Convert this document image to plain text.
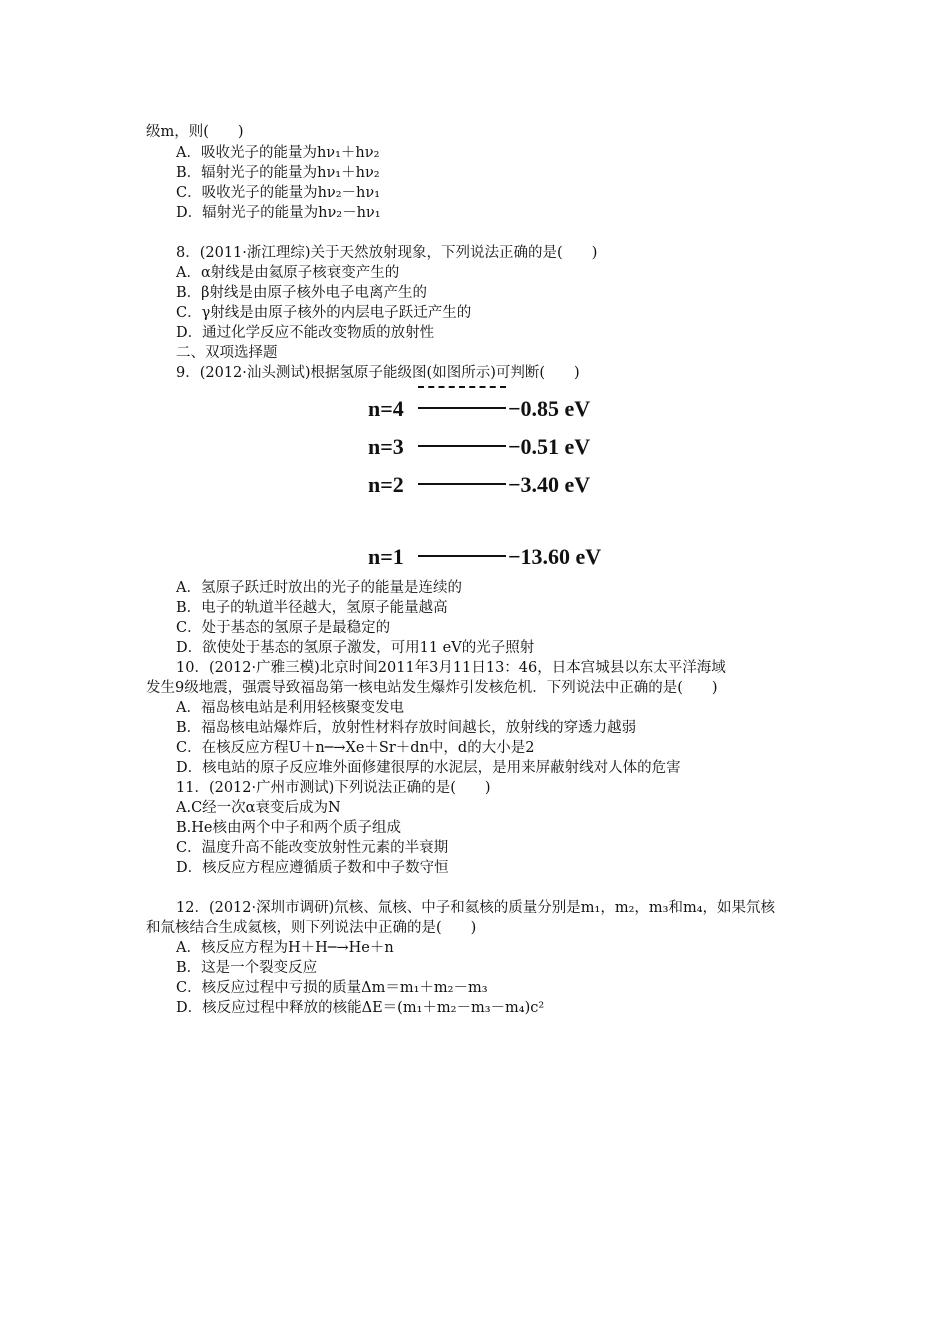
级m，则(　　)
A．吸收光子的能量为hν₁＋hν₂
B．辐射光子的能量为hν₁＋hν₂
C．吸收光子的能量为hν₂－hν₁
D．辐射光子的能量为hν₂－hν₁
8．(2011·浙江理综)关于天然放射现象，下列说法正确的是(　　)
A．α射线是由氦原子核衰变产生的
B．β射线是由原子核外电子电离产生的
C．γ射线是由原子核外的内层电子跃迁产生的
D．通过化学反应不能改变物质的放射性
二、双项选择题
9．(2012·汕头测试)根据氢原子能级图(如图所示)可判断(　　)
n=4	−0.85 eV
n=3	−0.51 eV
n=2	−3.40 eV
n=1	−13.60 eV
A．氢原子跃迁时放出的光子的能量是连续的
B．电子的轨道半径越大，氢原子能量越高
C．处于基态的氢原子是最稳定的
D．欲使处于基态的氢原子激发，可用11 eV的光子照射
10．(2012·广雅三模)北京时间2011年3月11日13：46，日本宫城县以东太平洋海域
发生9级地震，强震导致福岛第一核电站发生爆炸引发核危机．下列说法中正确的是(　　)
A．福岛核电站是利用轻核聚变发电
B．福岛核电站爆炸后，放射性材料存放时间越长，放射线的穿透力越弱
C．在核反应方程U＋n─→Xe＋Sr＋dn中，d的大小是2
D．核电站的原子反应堆外面修建很厚的水泥层，是用来屏蔽射线对人体的危害
11．(2012·广州市测试)下列说法正确的是(　　)
A.C经一次α衰变后成为N
B.He核由两个中子和两个质子组成
C．温度升高不能改变放射性元素的半衰期
D．核反应方程应遵循质子数和中子数守恒
12．(2012·深圳市调研)氘核、氚核、中子和氦核的质量分别是m₁，m₂，m₃和m₄，如果氘核
和氚核结合生成氦核，则下列说法中正确的是(　　)
A．核反应方程为H＋H─→He＋n
B．这是一个裂变反应
C．核反应过程中亏损的质量Δm＝m₁＋m₂－m₃
D．核反应过程中释放的核能ΔE＝(m₁＋m₂－m₃－m₄)c²
